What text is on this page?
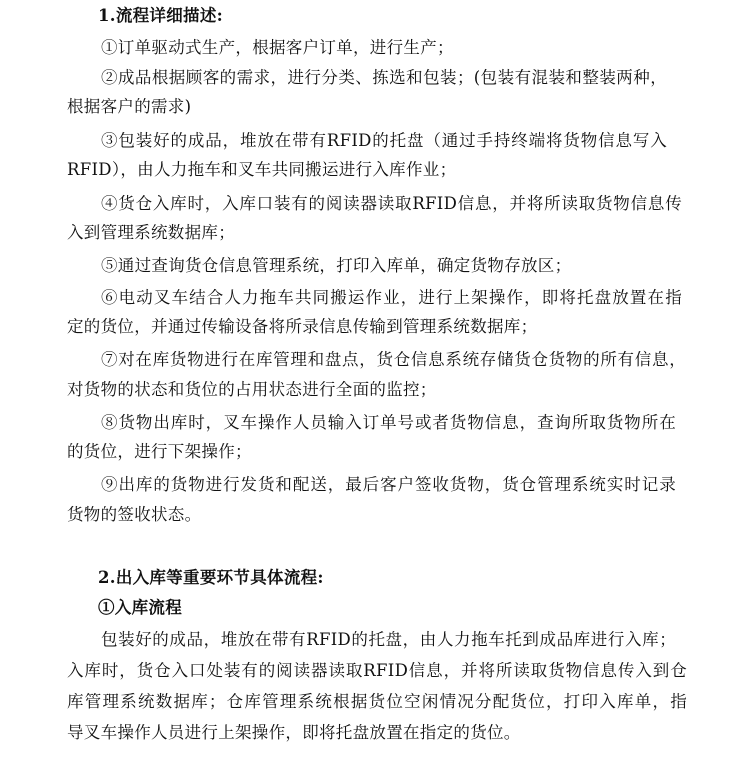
1.流程详细描述:
①订单驱动式生产，根据客户订单，进行生产；
②成品根据顾客的需求，进行分类、拣选和包装；(包装有混装和整装两种，
根据客户的需求)
③包装好的成品，堆放在带有RFID的托盘（通过手持终端将货物信息写入
RFID），由人力拖车和叉车共同搬运进行入库作业；
④货仓入库时，入库口装有的阅读器读取RFID信息，并将所读取货物信息传
入到管理系统数据库；
⑤通过查询货仓信息管理系统，打印入库单，确定货物存放区；
⑥电动叉车结合人力拖车共同搬运作业，进行上架操作，即将托盘放置在指
定的货位，并通过传输设备将所录信息传输到管理系统数据库；
⑦对在库货物进行在库管理和盘点，货仓信息系统存储货仓货物的所有信息，
对货物的状态和货位的占用状态进行全面的监控；
⑧货物出库时，叉车操作人员输入订单号或者货物信息，查询所取货物所在
的货位，进行下架操作；
⑨出库的货物进行发货和配送，最后客户签收货物，货仓管理系统实时记录
货物的签收状态。
2.出入库等重要环节具体流程:
①入库流程
包装好的成品，堆放在带有RFID的托盘，由人力拖车托到成品库进行入库；
入库时，货仓入口处装有的阅读器读取RFID信息，并将所读取货物信息传入到仓
库管理系统数据库；仓库管理系统根据货位空闲情况分配货位，打印入库单，指
导叉车操作人员进行上架操作，即将托盘放置在指定的货位。
